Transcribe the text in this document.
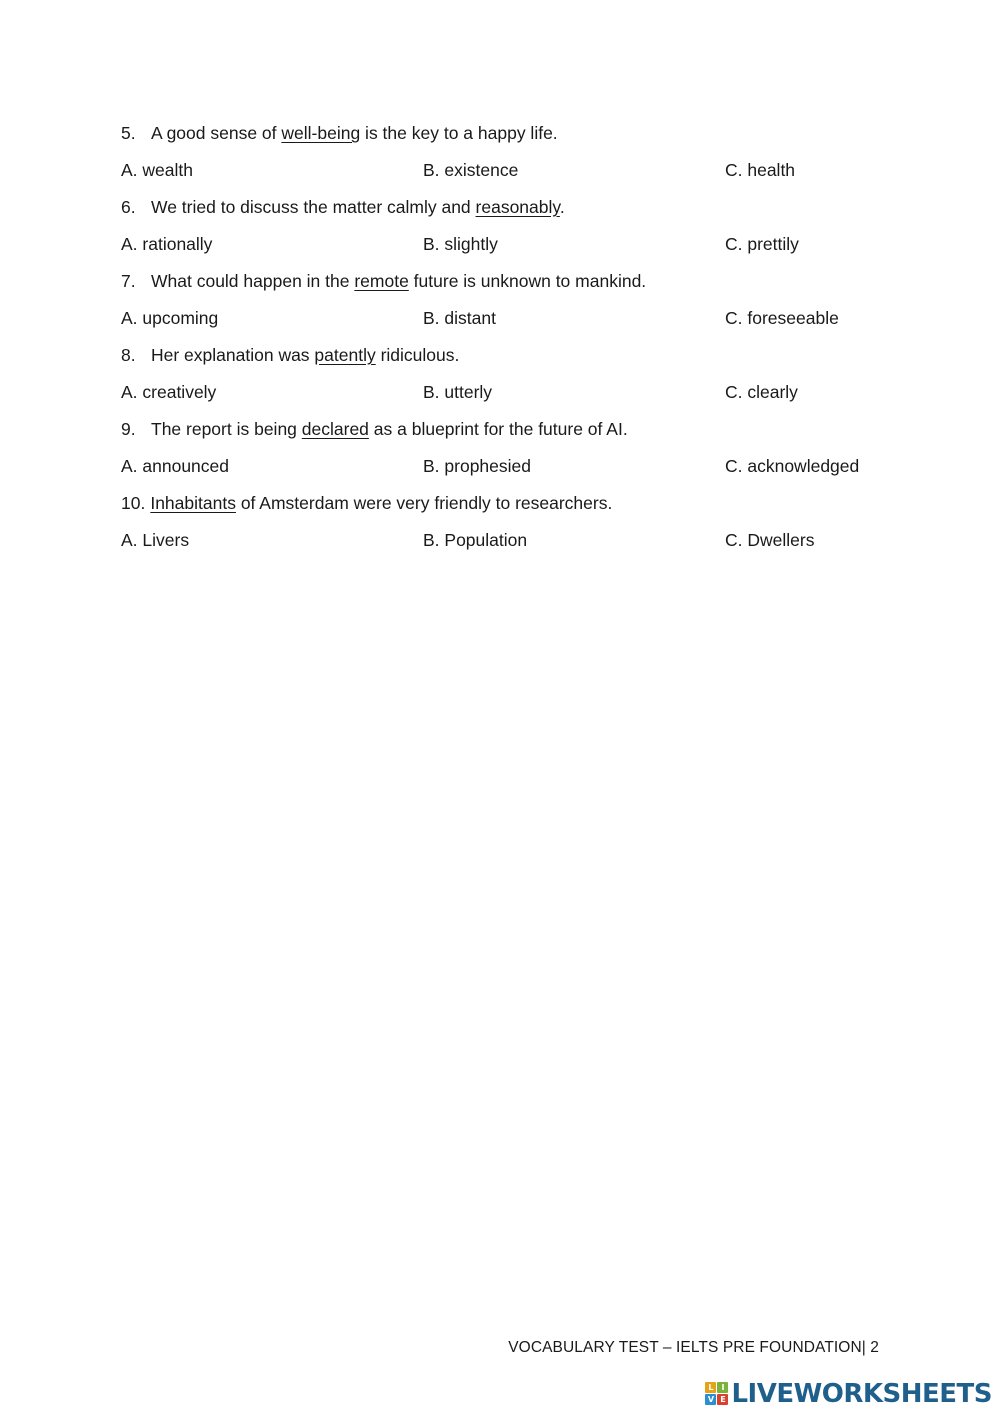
5. A good sense of well-being is the key to a happy life.
A. wealth	B. existence	C. health
6. We tried to discuss the matter calmly and reasonably.
A. rationally	B. slightly	C. prettily
7. What could happen in the remote future is unknown to mankind.
A. upcoming	B. distant	C. foreseeable
8. Her explanation was patently ridiculous.
A. creatively	B. utterly	C. clearly
9. The report is being declared as a blueprint for the future of AI.
A. announced	B. prophesied	C. acknowledged
10. Inhabitants of Amsterdam were very friendly to researchers.
A. Livers	B. Population	C. Dwellers
VOCABULARY TEST – IELTS PRE FOUNDATION| 2
L I
V E LIVEWORKSHEETS
